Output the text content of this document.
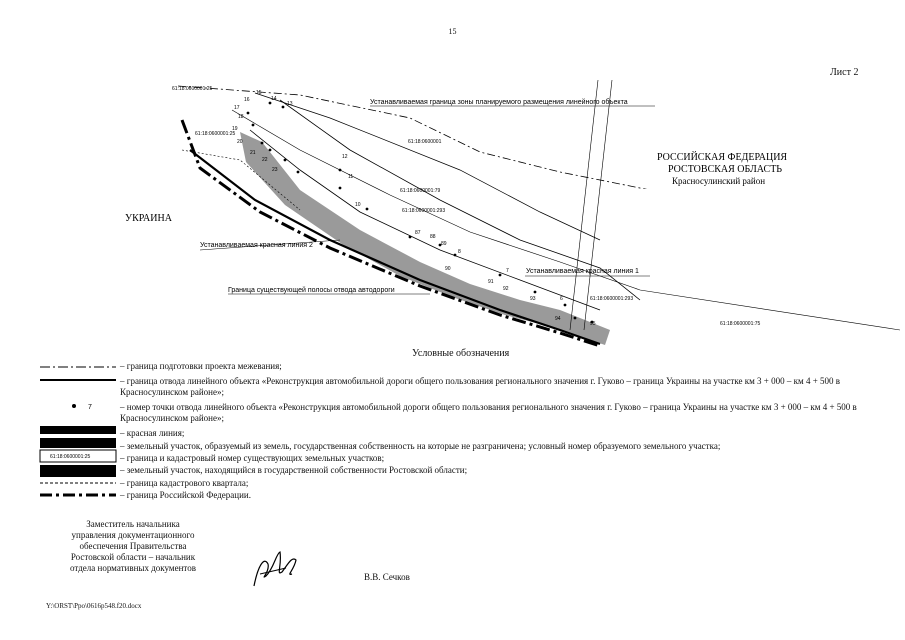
15
Лист 2
15
14
13
16
17
18
19
20
21
22
23
12
11
10
8
7
6
90
91
92
93
94
95
87
88
89
61:18:0600001:25
61:18:0600001:25
61:18:0600001
61:18:0600001:79
61:18:0600001:293
61:18:0600001:293
61:18:0600001:75
Устанавливаемая граница зоны планируемого размещения линейного объекта
Устанавливаемая красная линия 2
Устанавливаемая красная линия 1
Граница существующей полосы отвода автодороги
УКРАИНА
РОССИЙСКАЯ ФЕДЕРАЦИЯ
РОСТОВСКАЯ ОБЛАСТЬ
Красносулинский район
Условные обозначения
7
61:18:0600001:25
– граница подготовки проекта межевания;
– граница отвода линейного объекта «Реконструкция автомобильной дороги общего пользования регионального значения г. Гуково – граница Украины на участке км 3 + 000 – км 4 + 500 в Красносулинском районе»;
– номер точки отвода линейного объекта «Реконструкция автомобильной дороги общего пользования регионального значения г. Гуково – граница Украины на участке км 3 + 000 – км 4 + 500 в Красносулинском районе»;
– красная линия;
– земельный участок, образуемый из земель, государственная собственность на которые не разграничена; условный номер образуемого земельного участка;
– граница и кадастровый номер существующих земельных участков;
– земельный участок, находящийся в государственной собственности Ростовской области;
– граница кадастрового квартала;
– граница Российской Федерации.
Заместитель начальника
управления документационного
обеспечения Правительства
Ростовской области – начальник
отдела нормативных документов
В.В. Сечков
Y:\ORST\Ppo\0616p548.f20.docx
